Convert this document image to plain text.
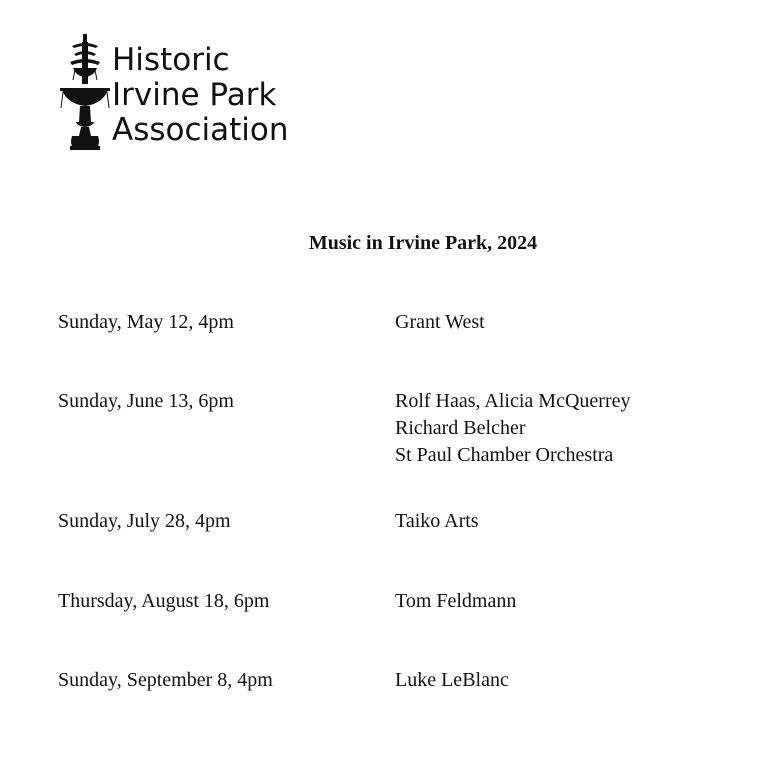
Historic
Irvine Park
Association
Music in Irvine Park, 2024
Sunday, May 12, 4pm	Grant West
Sunday, June 13, 6pm	Rolf Haas, Alicia McQuerrey
Richard Belcher
St Paul Chamber Orchestra
Sunday, July 28, 4pm	Taiko Arts
Thursday, August 18, 6pm	Tom Feldmann
Sunday, September 8, 4pm	Luke LeBlanc
